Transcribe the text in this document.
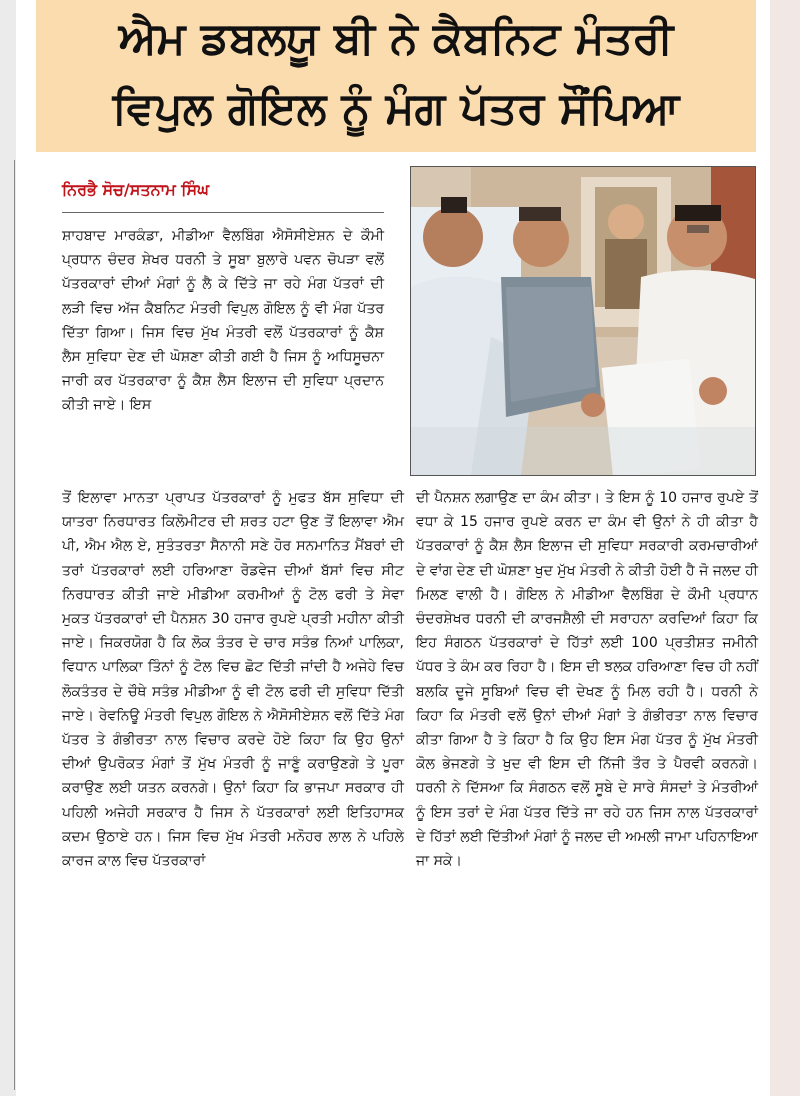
ਐਮ ਡਬਲਯੂ ਬੀ ਨੇ ਕੈਬਨਿਟ ਮੰਤਰੀ
ਵਿਪੁਲ ਗੋਇਲ ਨੂੰ ਮੰਗ ਪੱਤਰ ਸੌਂਪਿਆ
ਨਿਰਭੈ ਸੋਚ/ਸਤਨਾਮ ਸਿੰਘ

ਸ਼ਾਹਬਾਦ ਮਾਰਕੰਡਾ, ਮੀਡੀਆ ਵੈਲਬਿੰਗ ਐਸੋਸੀਏਸ਼ਨ ਦੇ ਕੌਮੀ ਪ੍ਰਧਾਨ ਚੰਦਰ ਸ਼ੇਖਰ ਧਰਨੀ ਤੇ ਸੂਬਾ ਬੁਲਾਰੇ ਪਵਨ ਚੋਪੜਾ ਵਲੋਂ ਪੱਤਰਕਾਰਾਂ ਦੀਆਂ ਮੰਗਾਂ ਨੂੰ ਲੈ ਕੇ ਦਿੱਤੇ ਜਾ ਰਹੇ ਮੰਗ ਪੱਤਰਾਂ ਦੀ ਲੜੀ ਵਿਚ ਅੱਜ ਕੈਬਨਿਟ ਮੰਤਰੀ ਵਿਪੁਲ ਗੋਇਲ ਨੂੰ ਵੀ ਮੰਗ ਪੱਤਰ ਦਿੱਤਾ ਗਿਆ। ਜਿਸ ਵਿਚ ਮੁੱਖ ਮੰਤਰੀ ਵਲੋਂ ਪੱਤਰਕਾਰਾਂ ਨੂੰ ਕੈਸ਼ ਲੈਸ ਸੁਵਿਧਾ ਦੇਣ ਦੀ ਘੋਸ਼ਣਾ ਕੀਤੀ ਗਈ ਹੈ ਜਿਸ ਨੂੰ ਅਧਿਸੂਚਨਾ ਜਾਰੀ ਕਰ ਪੱਤਰਕਾਰਾ ਨੂੰ ਕੈਸ਼ ਲੈਸ ਇਲਾਜ ਦੀ ਸੁਵਿਧਾ ਪ੍ਰਦਾਨ ਕੀਤੀ ਜਾਏ। ਇਸ

ਤੋਂ ਇਲਾਵਾ ਮਾਨਤਾ ਪ੍ਰਾਪਤ ਪੱਤਰਕਾਰਾਂ ਨੂੰ ਮੁਫਤ ਬੱਸ ਸੁਵਿਧਾ ਦੀ ਯਾਤਰਾ ਨਿਰਧਾਰਤ ਕਿਲੋਮੀਟਰ ਦੀ ਸ਼ਰਤ ਹਟਾ ਉਣ ਤੋਂ ਇਲਾਵਾ ਐਮ ਪੀ, ਐਮ ਐਲ ਏ, ਸੁਤੰਤਰਤਾ ਸੈਨਾਨੀ ਸਣੇ ਹੋਰ ਸਨਮਾਨਿਤ ਮੈਂਬਰਾਂ ਦੀ ਤਰਾਂ ਪੱਤਰਕਾਰਾਂ ਲਈ ਹਰਿਆਣਾ ਰੋਡਵੇਜ ਦੀਆਂ ਬੱਸਾਂ ਵਿਚ ਸੀਟ ਨਿਰਧਾਰਤ ਕੀਤੀ ਜਾਏ ਮੀਡੀਆ ਕਰਮੀਆਂ ਨੂੰ ਟੋਲ ਫਰੀ ਤੇ ਸੇਵਾ ਮੁਕਤ ਪੱਤਰਕਾਰਾਂ ਦੀ ਪੈਨਸ਼ਨ 30 ਹਜਾਰ ਰੁਪਏ ਪ੍ਰਤੀ ਮਹੀਨਾ ਕੀਤੀ ਜਾਏ। ਜਿਕਰਯੋਗ ਹੈ ਕਿ ਲੋਕ ਤੰਤਰ ਦੇ ਚਾਰ ਸਤੰਭ ਨਿਆਂ ਪਾਲਿਕਾ, ਵਿਧਾਨ ਪਾਲਿਕਾ ਤਿੰਨਾਂ ਨੂੰ ਟੋਲ ਵਿਚ ਛੋਟ ਦਿੱਤੀ ਜਾਂਦੀ ਹੈ ਅਜੇਹੇ ਵਿਚ ਲੋਕਤੰਤਰ ਦੇ ਚੌਥੇ ਸਤੰਭ ਮੀਡੀਆ ਨੂੰ ਵੀ ਟੋਲ ਫਰੀ ਦੀ ਸੁਵਿਧਾ ਦਿੱਤੀ ਜਾਏ। ਰੇਵਨਿਊ ਮੰਤਰੀ ਵਿਪੁਲ ਗੋਇਲ ਨੇ ਐਸੋਸੀਏਸ਼ਨ ਵਲੋਂ ਦਿੱਤੇ ਮੰਗ ਪੱਤਰ ਤੇ ਗੰਭੀਰਤਾ ਨਾਲ ਵਿਚਾਰ ਕਰਦੇ ਹੋਏ ਕਿਹਾ ਕਿ ਉਹ ਉਨਾਂ ਦੀਆਂ ਉਪਰੋਕਤ ਮੰਗਾਂ ਤੋਂ ਮੁੱਖ ਮੰਤਰੀ ਨੂੰ ਜਾਣੂੰ ਕਰਾਉਣਗੇ ਤੇ ਪੂਰਾ ਕਰਾਉਣ ਲਈ ਯਤਨ ਕਰਨਗੇ। ਉਨਾਂ ਕਿਹਾ ਕਿ ਭਾਜਪਾ ਸਰਕਾਰ ਹੀ ਪਹਿਲੀ ਅਜੇਹੀ ਸਰਕਾਰ ਹੈ ਜਿਸ ਨੇ ਪੱਤਰਕਾਰਾਂ ਲਈ ਇਤਿਹਾਸਕ ਕਦਮ ਉਠਾਏ ਹਨ। ਜਿਸ ਵਿਚ ਮੁੱਖ ਮੰਤਰੀ ਮਨੋਹਰ ਲਾਲ ਨੇ ਪਹਿਲੇ ਕਾਰਜ ਕਾਲ ਵਿਚ ਪੱਤਰਕਾਰਾਂ

ਦੀ ਪੈਨਸ਼ਨ ਲਗਾਉਣ ਦਾ ਕੰਮ ਕੀਤਾ। ਤੇ ਇਸ ਨੂੰ 10 ਹਜਾਰ ਰੁਪਏ ਤੋਂ ਵਧਾ ਕੇ 15 ਹਜਾਰ ਰੁਪਏ ਕਰਨ ਦਾ ਕੰਮ ਵੀ ਉਨਾਂ ਨੇ ਹੀ ਕੀਤਾ ਹੈ ਪੱਤਰਕਾਰਾਂ ਨੂੰ ਕੈਸ਼ ਲੈਸ ਇਲਾਜ ਦੀ ਸੁਵਿਧਾ ਸਰਕਾਰੀ ਕਰਮਚਾਰੀਆਂ ਦੇ ਵਾਂਗ ਦੇਣ ਦੀ ਘੋਸ਼ਣਾ ਖੁਦ ਮੁੱਖ ਮੰਤਰੀ ਨੇ ਕੀਤੀ ਹੋਈ ਹੈ ਜੋ ਜਲਦ ਹੀ ਮਿਲਣ ਵਾਲੀ ਹੈ। ਗੋਇਲ ਨੇ ਮੀਡੀਆ ਵੈਲਬਿੰਗ ਦੇ ਕੌਮੀ ਪ੍ਰਧਾਨ ਚੰਦਰਸ਼ੇਖਰ ਧਰਨੀ ਦੀ ਕਾਰਜਸ਼ੈਲੀ ਦੀ ਸਰਾਹਨਾ ਕਰਦਿਆਂ ਕਿਹਾ ਕਿ ਇਹ ਸੰਗਠਨ ਪੱਤਰਕਾਰਾਂ ਦੇ ਹਿੱਤਾਂ ਲਈ 100 ਪ੍ਰਤੀਸ਼ਤ ਜਮੀਨੀ ਪੱਧਰ ਤੇ ਕੰਮ ਕਰ ਰਿਹਾ ਹੈ। ਇਸ ਦੀ ਝਲਕ ਹਰਿਆਣਾ ਵਿਚ ਹੀ ਨਹੀਂ ਬਲਕਿ ਦੂਜੇ ਸੂਬਿਆਂ ਵਿਚ ਵੀ ਦੇਖਣ ਨੂੰ ਮਿਲ ਰਹੀ ਹੈ। ਧਰਨੀ ਨੇ ਕਿਹਾ ਕਿ ਮੰਤਰੀ ਵਲੋਂ ਉਨਾਂ ਦੀਆਂ ਮੰਗਾਂ ਤੇ ਗੰਭੀਰਤਾ ਨਾਲ ਵਿਚਾਰ ਕੀਤਾ ਗਿਆ ਹੈ ਤੇ ਕਿਹਾ ਹੈ ਕਿ ਉਹ ਇਸ ਮੰਗ ਪੱਤਰ ਨੂੰ ਮੁੱਖ ਮੰਤਰੀ ਕੋਲ ਭੇਜਣਗੇ ਤੇ ਖੁਦ ਵੀ ਇਸ ਦੀ ਨਿੱਜੀ ਤੌਰ ਤੇ ਪੈਰਵੀ ਕਰਨਗੇ। ਧਰਨੀ ਨੇ ਦਿੱਸਆ ਕਿ ਸੰਗਠਨ ਵਲੋਂ ਸੂਬੇ ਦੇ ਸਾਰੇ ਸੰਸਦਾਂ ਤੇ ਮੰਤਰੀਆਂ ਨੂੰ ਇਸ ਤਰਾਂ ਦੇ ਮੰਗ ਪੱਤਰ ਦਿੱਤੇ ਜਾ ਰਹੇ ਹਨ ਜਿਸ ਨਾਲ ਪੱਤਰਕਾਰਾਂ ਦੇ ਹਿੱਤਾਂ ਲਈ ਦਿੱਤੀਆਂ ਮੰਗਾਂ ਨੂੰ ਜਲਦ ਦੀ ਅਮਲੀ ਜਾਮਾ ਪਹਿਨਾਇਆ ਜਾ ਸਕੇ।
